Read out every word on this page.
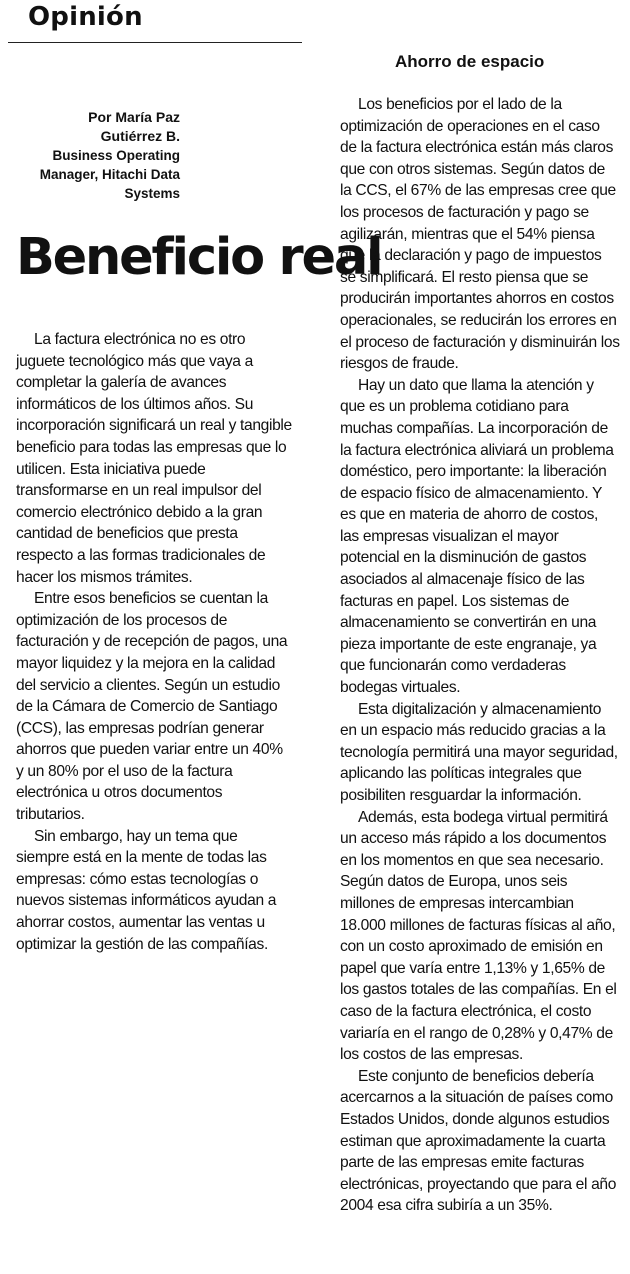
Opinión
Por María Paz
Gutiérrez B.
Business Operating
Manager, Hitachi Data
Systems
Beneficio real

La factura electrónica no es otro juguete tecnológico más que vaya a completar la galería de avances informáticos de los últimos años. Su incorporación significará un real y tangible beneficio para todas las empresas que lo utilicen. Esta iniciativa puede transformarse en un real impulsor del comercio electrónico debido a la gran cantidad de beneficios que presta respecto a las formas tradicionales de hacer los mismos trámites.

Entre esos beneficios se cuentan la optimización de los procesos de facturación y de recepción de pagos, una mayor liquidez y la mejora en la calidad del servicio a clientes. Según un estudio de la Cámara de Comercio de Santiago (CCS), las empresas podrían generar ahorros que pueden variar entre un 40% y un 80% por el uso de la factura electrónica u otros documentos tributarios.

Sin embargo, hay un tema que siempre está en la mente de todas las empresas: cómo estas tecnologías o nuevos sistemas informáticos ayudan a ahorrar costos, aumentar las ventas u optimizar la gestión de las compañías.

Ahorro de espacio

Los beneficios por el lado de la optimización de operaciones en el caso de la factura electrónica están más claros que con otros sistemas. Según datos de la CCS, el 67% de las empresas cree que los procesos de facturación y pago se agilizarán, mientras que el 54% piensa que la declaración y pago de impuestos se simplificará. El resto piensa que se producirán importantes ahorros en costos operacionales, se reducirán los errores en el proceso de facturación y disminuirán los riesgos de fraude.

Hay un dato que llama la atención y que es un problema cotidiano para muchas compañías. La incorporación de la factura electrónica aliviará un problema doméstico, pero importante: la liberación de espacio físico de almacenamiento. Y es que en materia de ahorro de costos, las empresas visualizan el mayor potencial en la disminución de gastos asociados al almacenaje físico de las facturas en papel. Los sistemas de almacenamiento se convertirán en una pieza importante de este engranaje, ya que funcionarán como verdaderas bodegas virtuales.

Esta digitalización y almacenamiento en un espacio más reducido gracias a la tecnología permitirá una mayor seguridad, aplicando las políticas integrales que posibiliten resguardar la información.

Además, esta bodega virtual permitirá un acceso más rápido a los documentos en los momentos en que sea necesario. Según datos de Europa, unos seis millones de empresas intercambian 18.000 millones de facturas físicas al año, con un costo aproximado de emisión en papel que varía entre 1,13% y 1,65% de los gastos totales de las compañías. En el caso de la factura electrónica, el costo variaría en el rango de 0,28% y 0,47% de los costos de las empresas.

Este conjunto de beneficios debería acercarnos a la situación de países como Estados Unidos, donde algunos estudios estiman que aproximadamente la cuarta parte de las empresas emite facturas electrónicas, proyectando que para el año 2004 esa cifra subiría a un 35%.
